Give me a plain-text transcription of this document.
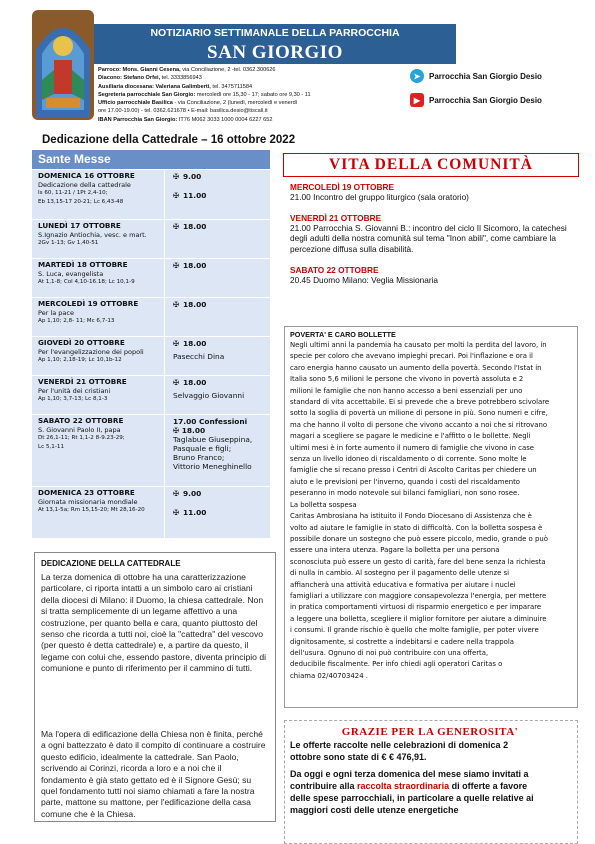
NOTIZIARIO SETTIMANALE DELLA PARROCCHIA
SAN GIORGIO
Parroco: Mons. Gianni Cesena, via Conciliazione, 2 -tel. 0362.300626
Diacono: Stefano Orfei, tel. 3333856943
Ausiliaria diocesana: Valeriana Galimberti, tel. 3475711584
Segreteria parrocchiale San Giorgio: mercoledì ore 15,30 - 17; sabato ore 9,30 - 11
Ufficio parrocchiale Basilica - via Conciliazione, 2 (lunedì, mercoledì e venerdì
ore 17.00-19.00) - tel. 0362.621678 • E-mail: basilica.desio@tiscali.it
IBAN Parrocchia San Giorgio: IT76 M062 3033 1000 0004 6227 652
➤	Parrocchia San Giorgio Desio
▶	Parrocchia San Giorgio Desio
Dedicazione della Cattedrale – 16 ottobre 2022
Sante Messe
DOMENICA 16 OTTOBRE
Dedicazione della cattedrale
Is 60, 11-21 / 1Pt 2,4-10;
Eb 13,15-17 20-21; Lc 6,43-48
✠ 9.00
✠ 11.00
LUNEDÌ 17 OTTOBRE
S.Ignazio Antiochia, vesc. e mart.
2Gv 1-13; Gv 1,40-51
✠ 18.00
MARTEDÌ 18 OTTOBRE
S. Luca, evangelista
At 1,1-8; Col 4,10-16.18; Lc 10,1-9
✠ 18.00
MERCOLEDÌ 19 OTTOBRE
Per la pace
Ap 1,10; 2,8- 11; Mc 6,7-13
✠ 18.00
GIOVEDÌ 20 OTTOBRE
Per l'evangelizzazione dei popoli
Ap 1,10; 2,18-19; Lc 10,1b-12
✠ 18.00
Pasecchi Dina
VENERDÌ 21 OTTOBRE
Per l'unità dei cristiani
Ap 1,10; 3,7-13; Lc 8,1-3
✠ 18.00
Selvaggio Giovanni
SABATO 22 OTTOBRE
S. Giovanni Paolo II, papa
Dt 26,1-11; Rt 1,1-2 8-9.23-29;
Lc 5,1-11
17.00 Confessioni
✠ 18.00
Taglabue Giuseppina,
Pasquale e figli;
Bruno Franco;
Vittorio Meneghinello
DOMENICA 23 OTTOBRE
Giornata missionaria mondiale
At 13,1-5a; Rm 15,15-20; Mt 28,16-20
✠ 9.00
✠ 11.00
DEDICAZIONE DELLA CATTEDRALE

La terza domenica di ottobre ha una caratterizzazione particolare, ci riporta intatti a un simbolo caro ai cristiani della diocesi di Milano: il Duomo, la chiesa cattedrale. Non si tratta semplicemente di un legame affettivo a una costruzione, per quanto bella e cara, quanto piuttosto del senso che ricorda a tutti noi, cioè la "cattedra" del vescovo (per questo è detta cattedrale) e, a partire da questo, il legame con colui che, essendo pastore, diventa principio di comunione e punto di riferimento per il cammino di tutti.

Ma l'opera di edificazione della Chiesa non è finita, perché a ogni battezzato è dato il compito di continuare a costruire questo edificio, idealmente la cattedrale. San Paolo, scrivendo ai Corinzi, ricorda a loro e a noi che il fondamento è già stato gettato ed è il Signore Gesù; su quel fondamento tutti noi siamo chiamati a fare la nostra parte, mattone su mattone, per l'edificazione della casa comune che è la Chiesa.

VITA DELLA COMUNITÀ
MERCOLEDÌ 19 OTTOBRE
21.00 Incontro del gruppo liturgico (sala oratorio)
VENERDÌ 21 OTTOBRE
21.00 Parrocchia S. Giovanni B.: incontro del ciclo Il Sicomoro, la catechesi degli adulti della nostra comunità sul tema "Inon abili", come cambiare la percezione diffusa sulla disabilità.
SABATO 22 OTTOBRE
20.45 Duomo Milano: Veglia Missionaria
POVERTA' E CARO BOLLETTE
Negli ultimi anni la pandemia ha causato per molti la perdita del lavoro, in
specie per coloro che avevano impieghi precari. Poi l'inflazione e ora il
caro energia hanno causato un aumento della povertà. Secondo l'Istat in
Italia sono 5,6 milioni le persone che vivono in povertà assoluta e 2
milioni le famiglie che non hanno accesso a beni essenziali per uno
standard di vita accettabile. Ei si prevede che a breve potrebbero scivolare
sotto la soglia di povertà un milione di persone in più. Sono numeri e cifre,
ma che hanno il volto di persone che vivono accanto a noi che si ritrovano
magari a scegliere se pagare le medicine e l'affitto o le bollette. Negli
ultimi mesi è in forte aumento il numero di famiglie che vivono in case
senza un livello idoneo di riscaldamento o di corrente. Sono molte le
famiglie che si recano presso i Centri di Ascolto Caritas per chiedere un
aiuto e le previsioni per l'inverno, quando i costi del riscaldamento
peseranno in modo notevole sui bilanci famigliari, non sono rosee.
La bolletta sospesa
Caritas Ambrosiana ha istituito il Fondo Diocesano di Assistenza che è
volto ad aiutare le famiglie in stato di difficoltà. Con la bolletta sospesa è
possibile donare un sostegno che può essere piccolo, medio, grande o può
essere una intera utenza. Pagare la bolletta per una persona
sconosciuta può essere un gesto di carità, fare del bene senza la richiesta
di nulla in cambio. Al sostegno per il pagamento delle utenze si
affiancherà una attività educativa e formativa per aiutare i nuclei
famigliari a utilizzare con maggiore consapevolezza l'energia, per mettere
in pratica comportamenti virtuosi di risparmio energetico e per imparare
a leggere una bolletta, scegliere il miglior fornitore per aiutare a diminuire
i consumi. Il grande rischio è quello che molte famiglie, per poter vivere
dignitosamente, si costrette a indebitarsi e cadere nella trappola
dell'usura. Ognuno di noi può contribuire con una offerta,
deducibile fiscalmente. Per info chiedi agli operatori Caritas o
chiama 02/40703424 .
GRAZIE PER LA GENEROSITA'
Le offerte raccolte nelle celebrazioni di domenica 2
ottobre sono state di € € 476,91.
Da oggi e ogni terza domenica del mese siamo invitati a
contribuire alla raccolta straordinaria di offerte a favore
delle spese parrocchiali, in particolare a quelle relative ai
maggiori costi delle utenze energetiche
